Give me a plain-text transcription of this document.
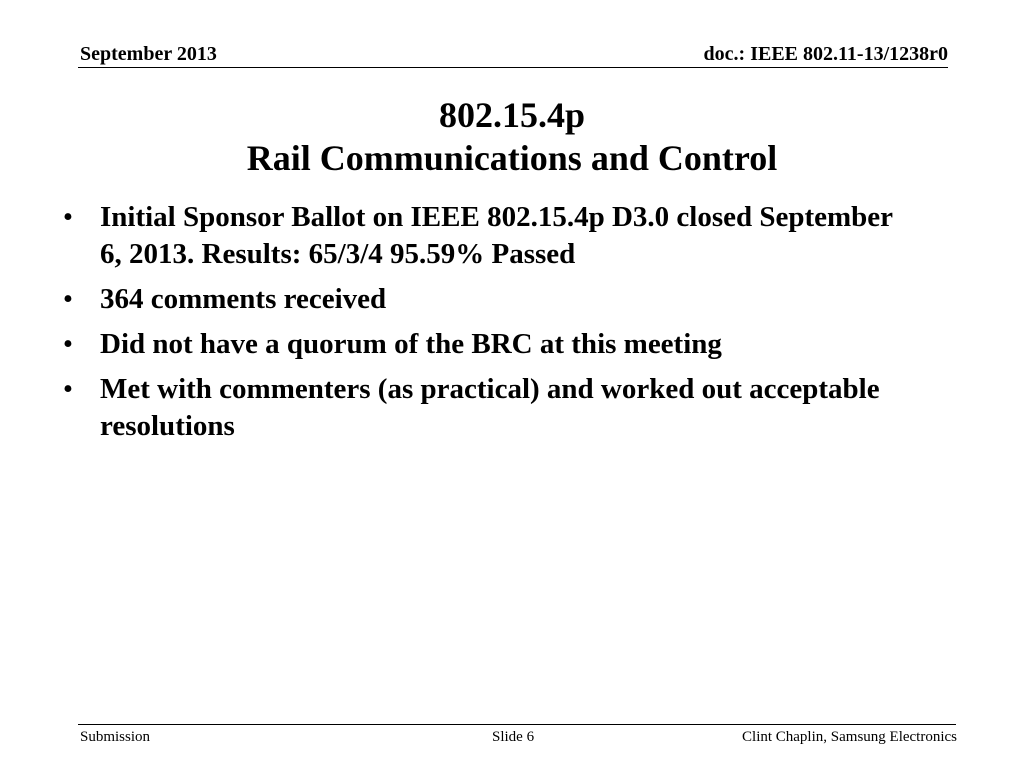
September 2013	doc.: IEEE 802.11-13/1238r0
802.15.4p
Rail Communications and Control
• Initial Sponsor Ballot on IEEE 802.15.4p D3.0 closed September 6, 2013. Results: 65/3/4 95.59% Passed
• 364 comments received
• Did not have a quorum of the BRC at this meeting
• Met with commenters (as practical) and worked out acceptable resolutions
Submission	Slide 6	Clint Chaplin, Samsung Electronics
